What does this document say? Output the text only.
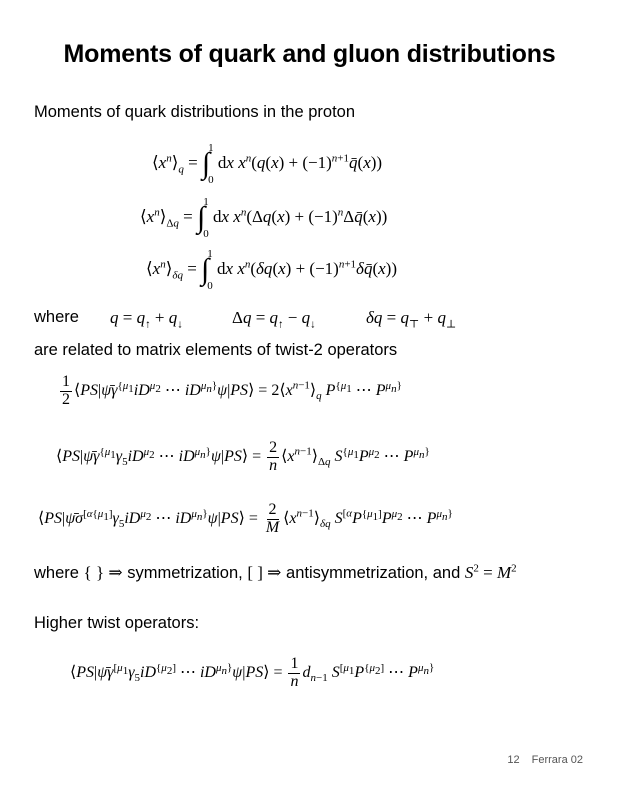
Moments of quark and gluon distributions
Moments of quark distributions in the proton
$⟨x^n⟩_q$ = ∫
1
0
dx $x^n(q(x)$ + $(-1)^{n+1}q̄(x)$)
$⟨x^n⟩_{\Delta q}$ = ∫
1
0
dx $x^n(\Delta q(x)$ + $(-1)^n\Delta q̄(x)$)
$⟨x^n⟩_{\delta q}$ = ∫
1
0
dx $x^n(\delta q(x)$ + $(-1)^{n+1}\delta q̄(x)$)
where $q = q_↑ + q_↓$	$\Delta q = q_↑ - q_↓$	$\delta q = q_⊤ + q_\perp$
are related to matrix elements of twist-2 operators
$\frac{1}{2}$ $⟨PS|\psī\gamma^{\{\mu_1}iD^{\mu_2}$ ⋯ $iD^{\mu_n\}}\psi|PS⟩$ = $2⟨x^{n-1}⟩_q$ $P^{\{\mu_1}$ ⋯ $P^{\mu_n\}}$
$⟨PS|\psī\gamma^{\{\mu_1}\gamma_5iD^{\mu_2}$ ⋯ $iD^{\mu_n\}}\psi|PS⟩ = \frac{2}{n}$ $⟨x^{n-1}⟩_{\Delta q}$ $S^{\{\mu_1}P^{\mu_2}$ ⋯ $P^{\mu_n\}}$
$⟨PS|\psī\sigma[\alpha\{\mu 1]\gamma_5iD^{\mu_2}$ ⋯ $iD^{\mu_n\}}\psi|PS⟩ = \frac{2}{M}$ $⟨x^{n-1}⟩_{\delta q}$ $S^{[\alpha}P^{\{\mu_1]}P^{\mu_2}$ ⋯ $P^{\mu_n\}}$
where { } ⇒ symmetrization, [ ] ⇒ antisymmetrization, and $S^2 = M^2$
Higher twist operators:
$⟨PS|\psī\gamma^{[\mu_1}\gamma_5iD^{\{\mu_2]}$ ⋯ $iD^{\mu_n\}}\psi|PS⟩ = \frac{1}{n} d_{n-1}$ $S^{[\mu_1}P^{\{\mu_2]}$ ⋯ $P^{\mu_n\}}$
12 Ferrara 02
